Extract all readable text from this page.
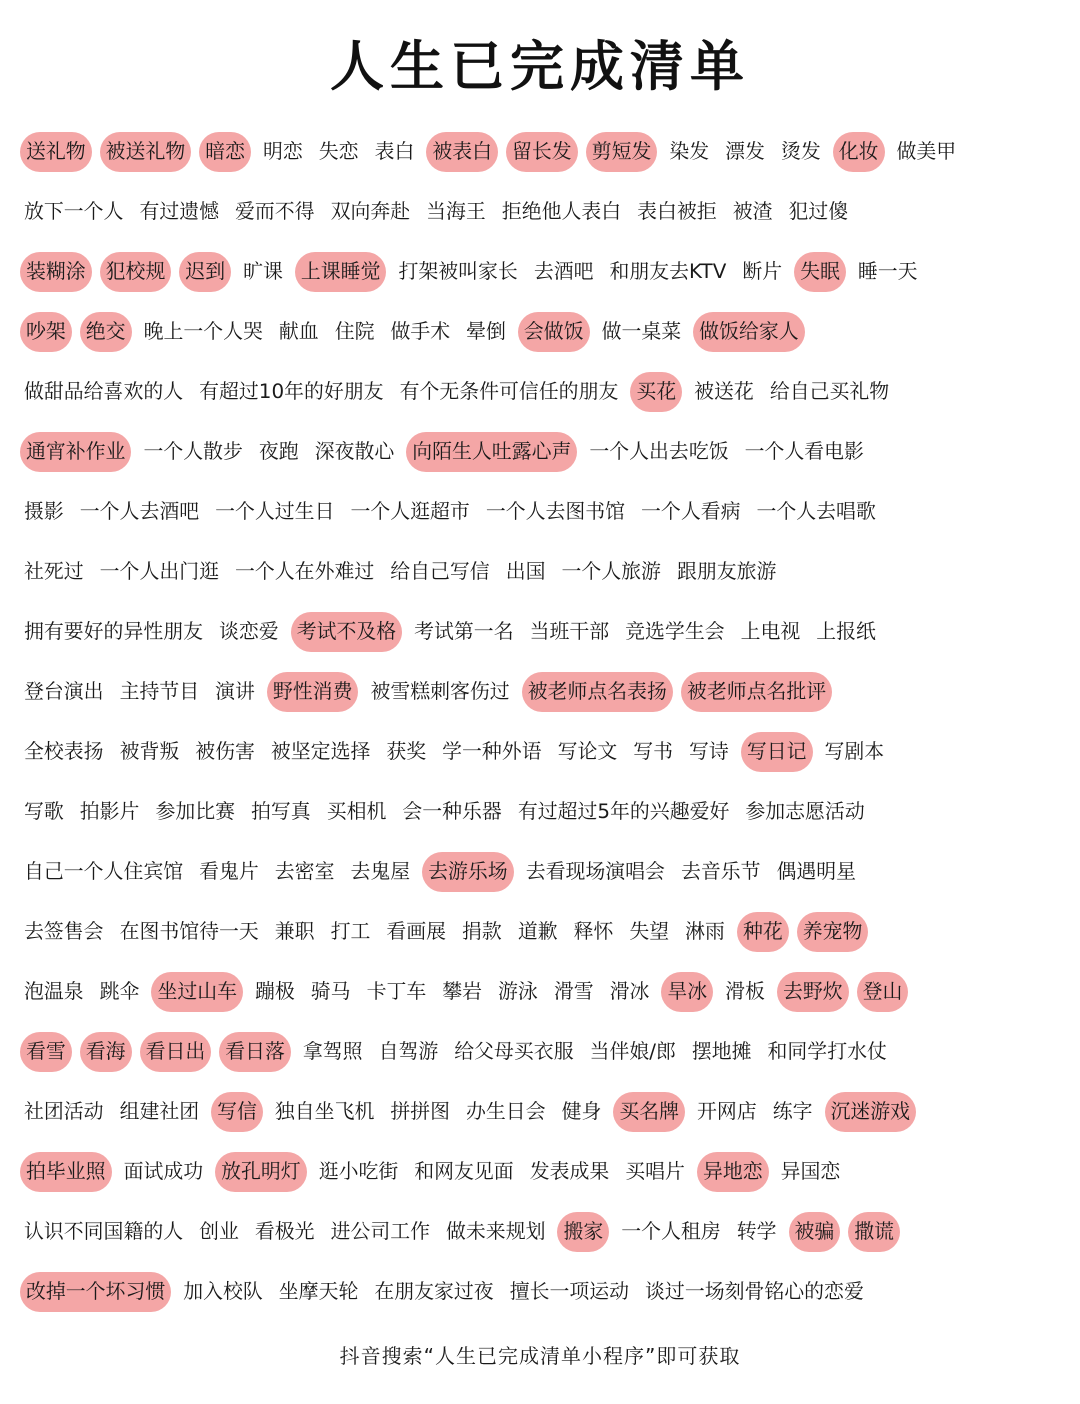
人生已完成清单
送礼物	被送礼物	暗恋 明恋 失恋 表白 被表白	留长发	剪短发 染发 漂发 烫发 化妆 做美甲
放下一个人 有过遗憾 爱而不得 双向奔赴 当海王 拒绝他人表白 表白被拒 被渣 犯过傻
装糊涂	犯校规	迟到 旷课 上课睡觉 打架被叫家长 去酒吧 和朋友去KTV 断片 失眠 睡一天
吵架	绝交 晚上一个人哭 献血 住院 做手术 晕倒 会做饭 做一桌菜 做饭给家人
做甜品给喜欢的人 有超过10年的好朋友 有个无条件可信任的朋友 买花 被送花 给自己买礼物
通宵补作业 一个人散步 夜跑 深夜散心 向陌生人吐露心声 一个人出去吃饭 一个人看电影
摄影 一个人去酒吧 一个人过生日 一个人逛超市 一个人去图书馆 一个人看病 一个人去唱歌
社死过 一个人出门逛 一个人在外难过 给自己写信 出国 一个人旅游 跟朋友旅游
拥有要好的异性朋友 谈恋爱 考试不及格 考试第一名 当班干部 竞选学生会 上电视 上报纸
登台演出 主持节目 演讲 野性消费 被雪糕刺客伤过 被老师点名表扬	被老师点名批评
全校表扬 被背叛 被伤害 被坚定选择 获奖 学一种外语 写论文 写书 写诗 写日记 写剧本
写歌 拍影片 参加比赛 拍写真 买相机 会一种乐器 有过超过5年的兴趣爱好 参加志愿活动
自己一个人住宾馆 看鬼片 去密室 去鬼屋 去游乐场 去看现场演唱会 去音乐节 偶遇明星
去签售会 在图书馆待一天 兼职 打工 看画展 捐款 道歉 释怀 失望 淋雨 种花	养宠物
泡温泉 跳伞 坐过山车 蹦极 骑马 卡丁车 攀岩 游泳 滑雪 滑冰 旱冰 滑板 去野炊	登山
看雪	看海	看日出	看日落 拿驾照 自驾游 给父母买衣服 当伴娘/郎 摆地摊 和同学打水仗
社团活动 组建社团 写信 独自坐飞机 拼拼图 办生日会 健身 买名牌 开网店 练字 沉迷游戏
拍毕业照 面试成功 放孔明灯 逛小吃街 和网友见面 发表成果 买唱片 异地恋 异国恋
认识不同国籍的人 创业 看极光 进公司工作 做未来规划 搬家 一个人租房 转学 被骗	撒谎
改掉一个坏习惯 加入校队 坐摩天轮 在朋友家过夜 擅长一项运动 谈过一场刻骨铭心的恋爱
抖音搜索“人生已完成清单小程序”即可获取
